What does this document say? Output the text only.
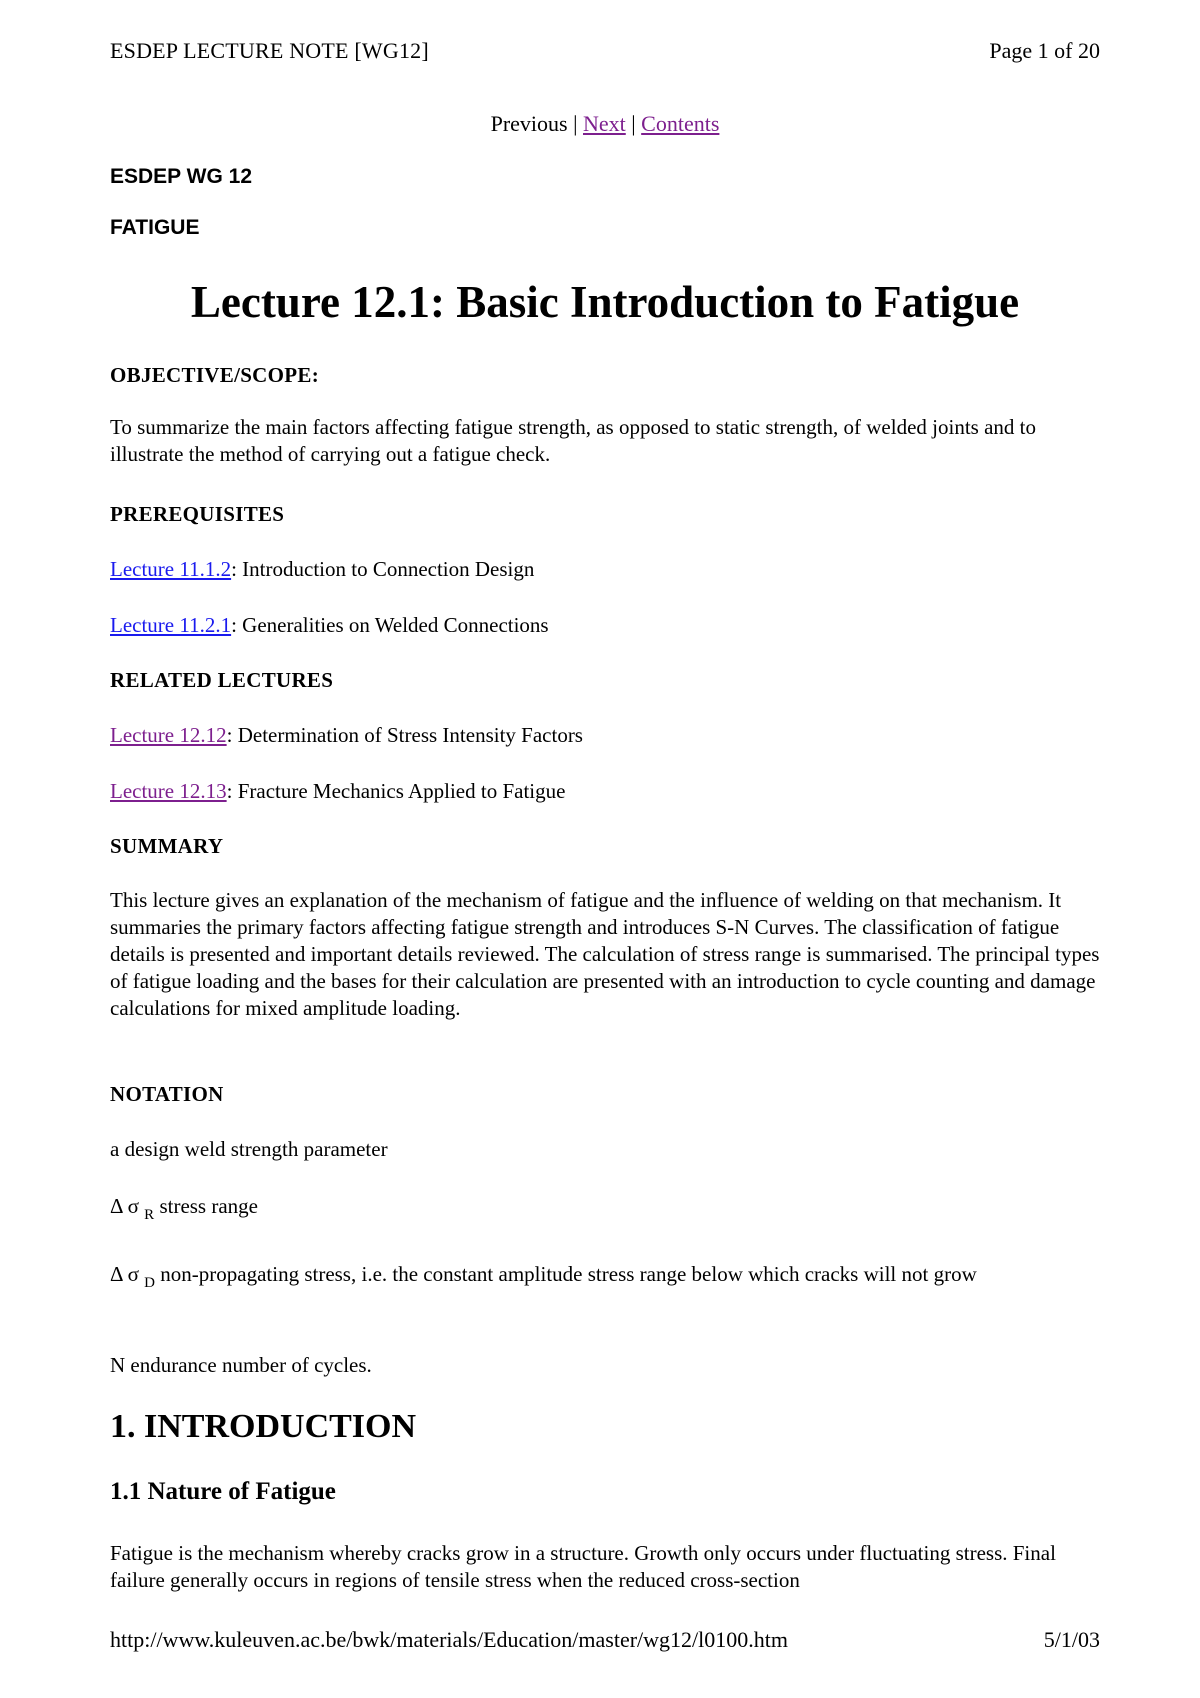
ESDEP LECTURE NOTE [WG12]	Page 1 of 20
Previous | Next | Contents
ESDEP WG 12
FATIGUE
Lecture 12.1: Basic Introduction to Fatigue
OBJECTIVE/SCOPE:
To summarize the main factors affecting fatigue strength, as opposed to static strength, of welded joints and to illustrate the method of carrying out a fatigue check.
PREREQUISITES
Lecture 11.1.2: Introduction to Connection Design
Lecture 11.2.1: Generalities on Welded Connections
RELATED LECTURES
Lecture 12.12: Determination of Stress Intensity Factors
Lecture 12.13: Fracture Mechanics Applied to Fatigue
SUMMARY
This lecture gives an explanation of the mechanism of fatigue and the influence of welding on that mechanism. It summaries the primary factors affecting fatigue strength and introduces S-N Curves. The classification of fatigue details is presented and important details reviewed. The calculation of stress range is summarised. The principal types of fatigue loading and the bases for their calculation are presented with an introduction to cycle counting and damage calculations for mixed amplitude loading.
NOTATION
a design weld strength parameter
Δ σ $_R$ stress range
Δ σ $_D$ non-propagating stress, i.e. the constant amplitude stress range below which cracks will not grow
N endurance number of cycles.
1. INTRODUCTION
1.1 Nature of Fatigue
Fatigue is the mechanism whereby cracks grow in a structure. Growth only occurs under fluctuating stress. Final failure generally occurs in regions of tensile stress when the reduced cross-section
http://www.kuleuven.ac.be/bwk/materials/Education/master/wg12/l0100.htm	5/1/03
